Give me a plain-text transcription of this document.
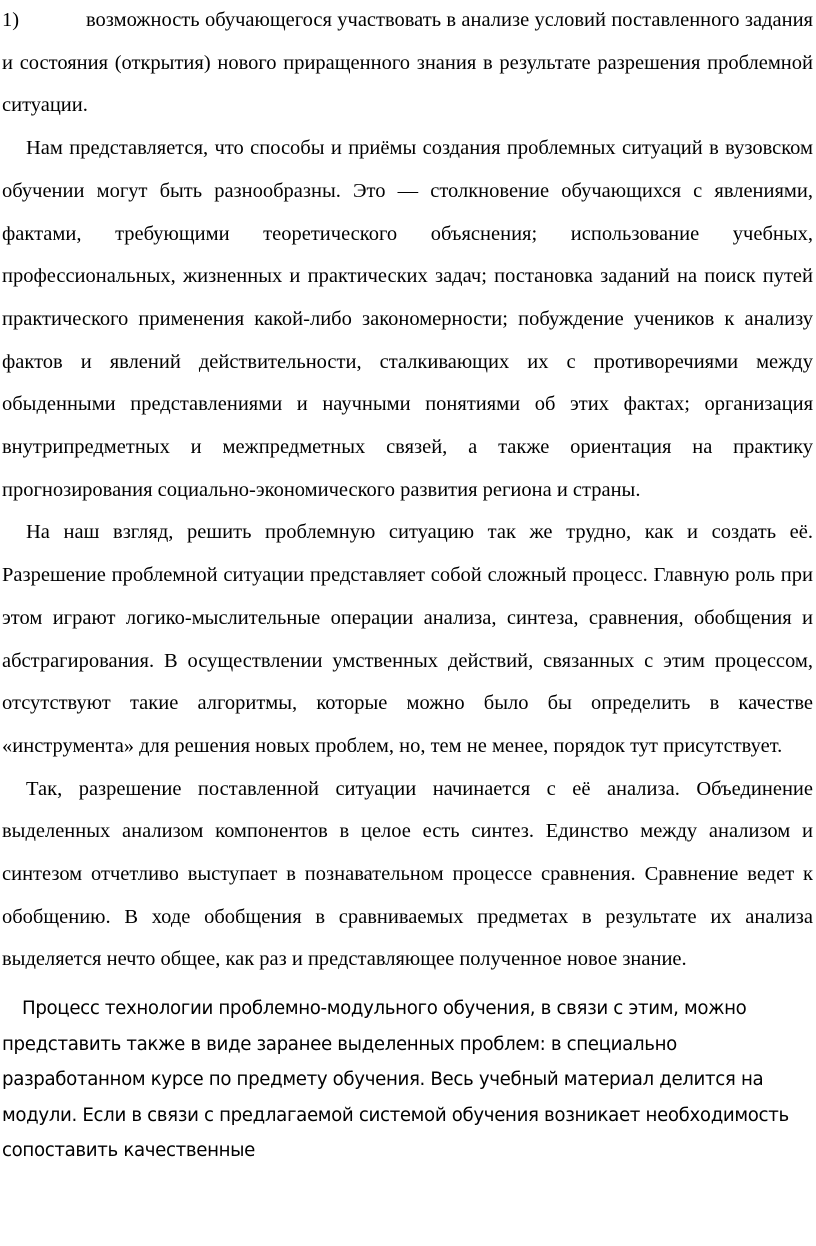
1)	возможность обучающегося участвовать в анализе условий поставленного задания и состояния (открытия) нового приращенного знания в результате разрешения проблемной ситуации.

Нам представляется, что способы и приёмы создания проблемных ситуаций в вузовском обучении могут быть разнообразны. Это — столкновение обучающихся с явлениями, фактами, требующими теоретического объяснения; использование учебных, профессиональных, жизненных и практических задач; постановка заданий на поиск путей практического применения какой-либо закономерности; побуждение учеников к анализу фактов и явлений действительности, сталкивающих их с противоречиями между обыденными представлениями и научными понятиями об этих фактах; организация внутрипредметных и межпредметных связей, а также ориентация на практику прогнозирования социально-экономического развития региона и страны.

На наш взгляд, решить проблемную ситуацию так же трудно, как и создать её. Разрешение проблемной ситуации представляет собой сложный процесс. Главную роль при этом играют логико-мыслительные операции анализа, синтеза, сравнения, обобщения и абстрагирования. В осуществлении умственных действий, связанных с этим процессом, отсутствуют такие алгоритмы, которые можно было бы определить в качестве «инструмента» для решения новых проблем, но, тем не менее, порядок тут присутствует.

Так, разрешение поставленной ситуации начинается с её анализа. Объединение выделенных анализом компонентов в целое есть синтез. Единство между анализом и синтезом отчетливо выступает в познавательном процессе сравнения. Сравнение ведет к обобщению. В ходе обобщения в сравниваемых предметах в результате их анализа выделяется нечто общее, как раз и представляющее полученное новое знание.

Процесс технологии проблемно-модульного обучения, в связи с этим, можно представить также в виде заранее выделенных проблем: в специально разработанном курсе по предмету обучения. Весь учебный материал делится на модули. Если в связи с предлагаемой системой обучения возникает необходимость сопоставить качественные
